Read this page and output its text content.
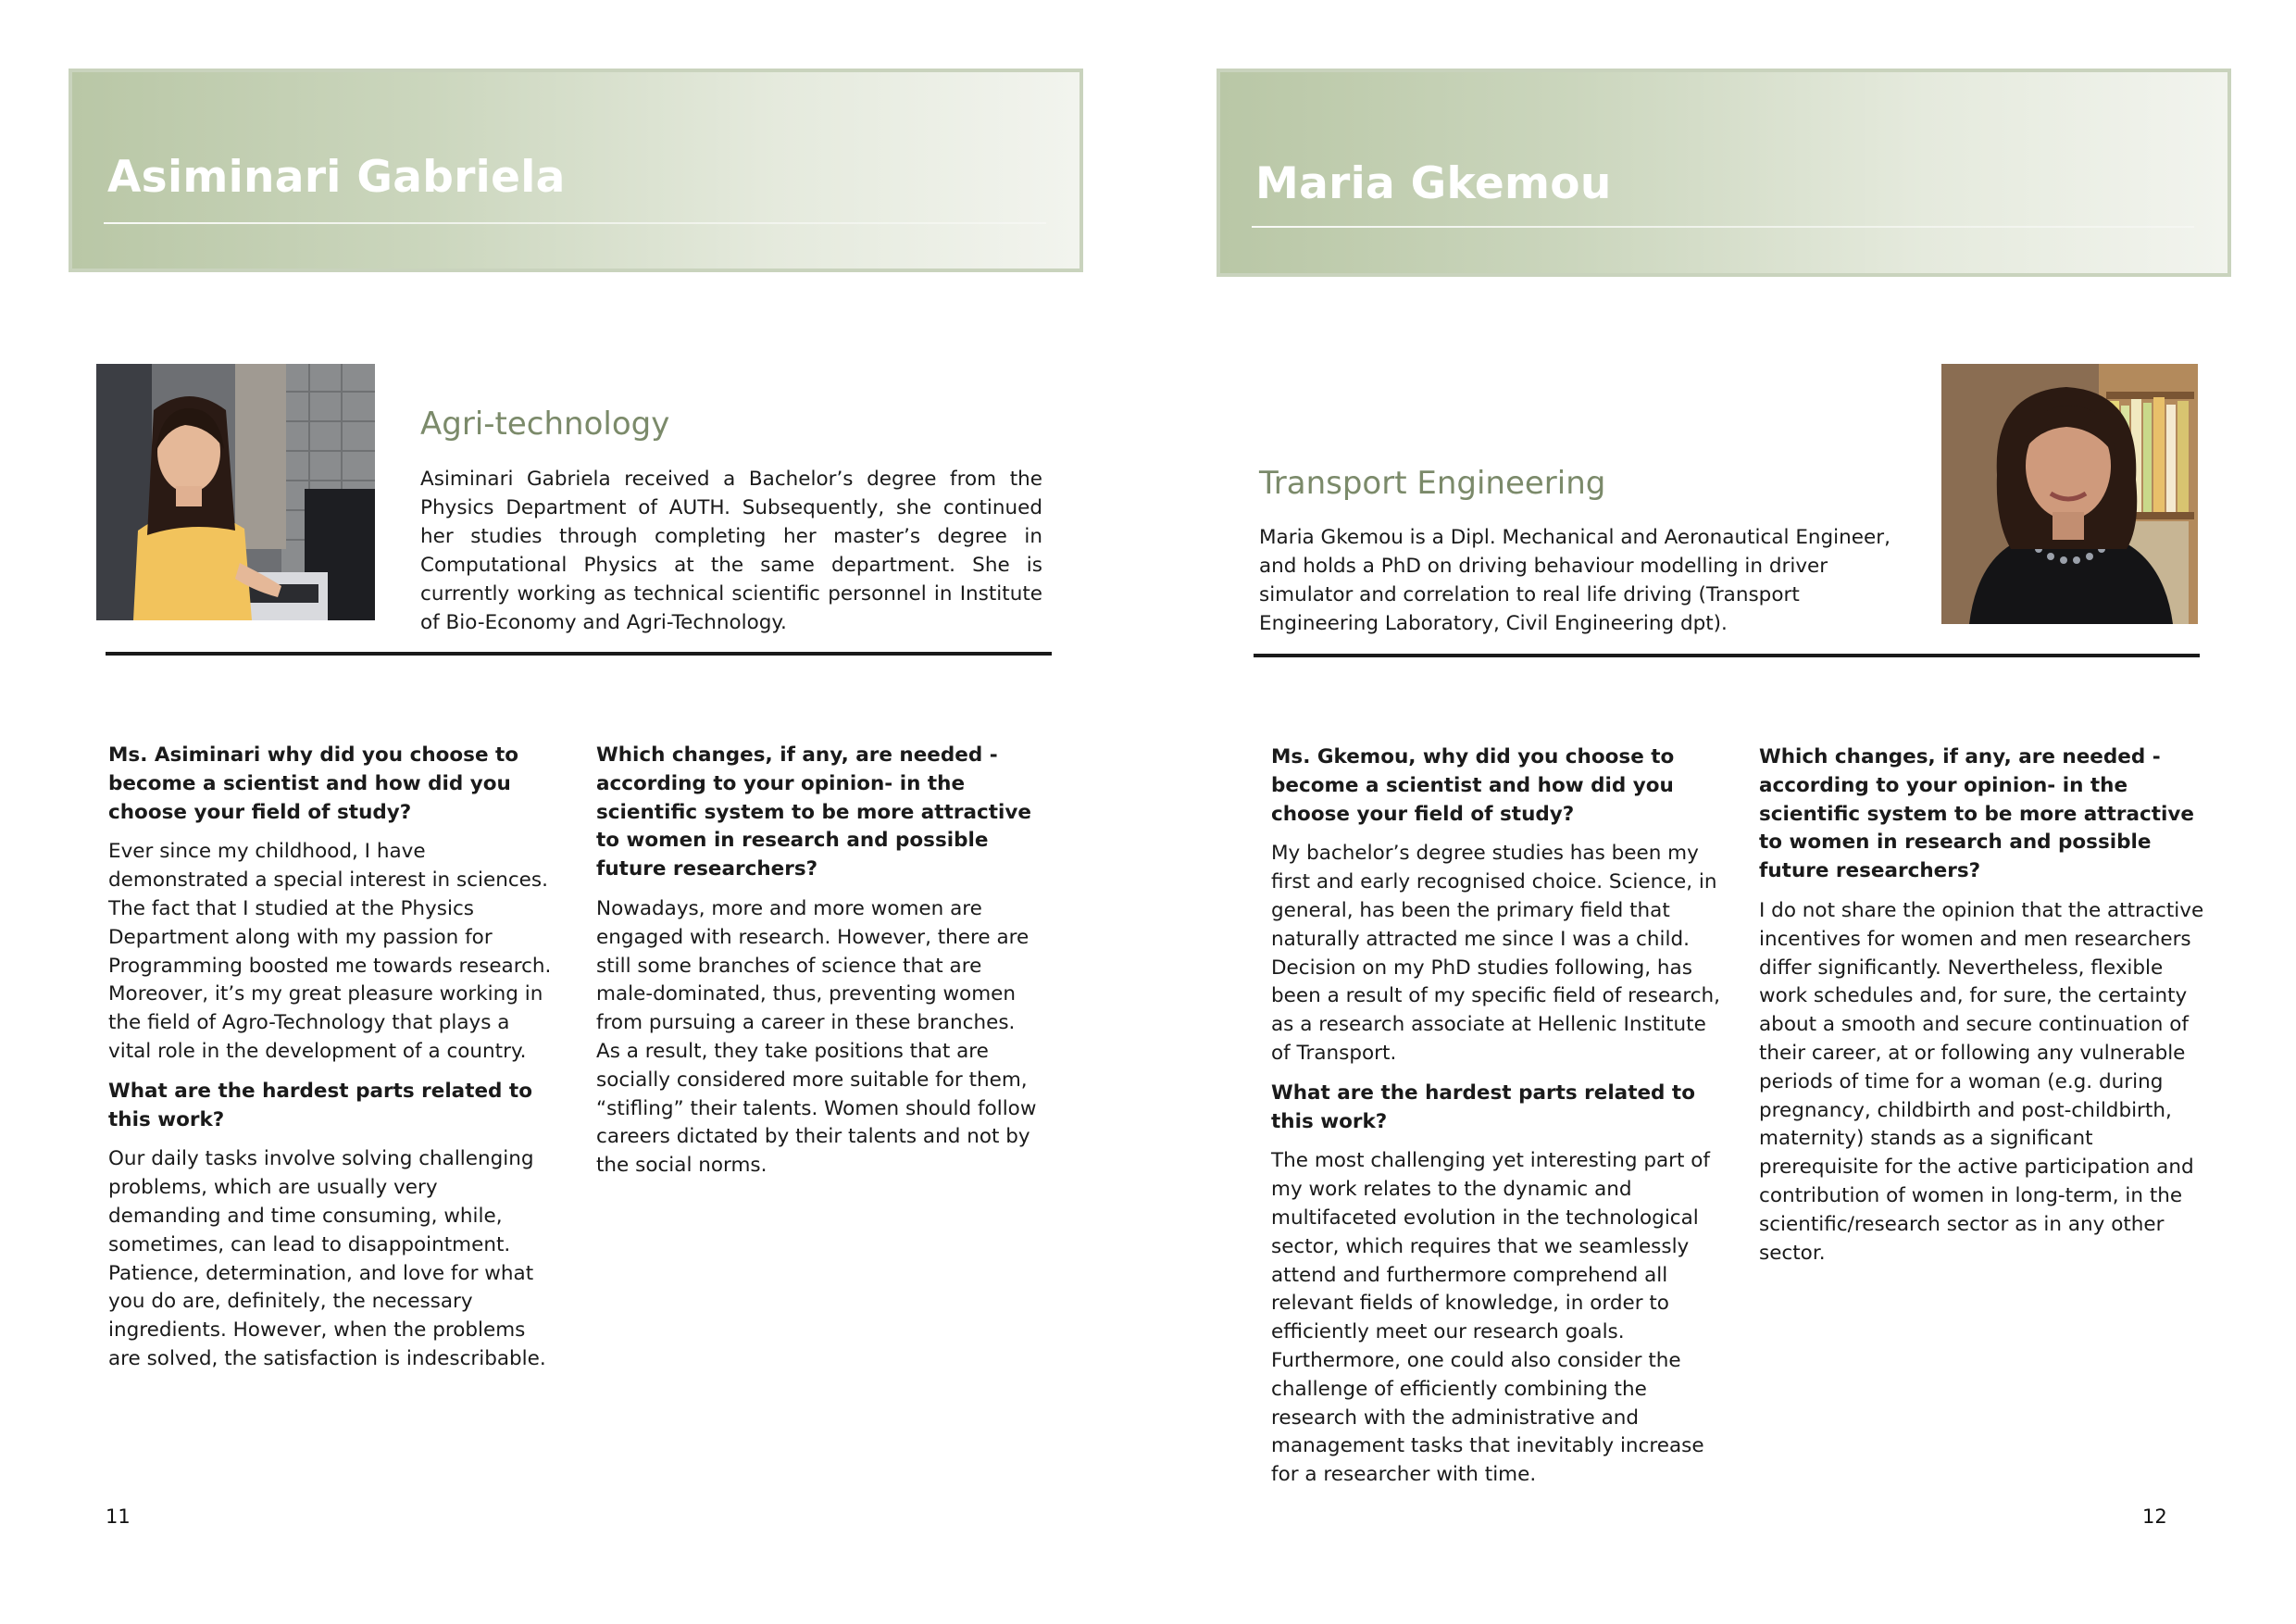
Asiminari Gabriela
Agri-technology

Asiminari Gabriela received a Bachelor’s degree from the Physics Department of AUTH. Subsequently, she continued her studies through completing her master’s degree in Computational Physics at the same department. She is currently working as technical scientific personnel in Institute of Bio-Economy and Agri-Technology.

Ms. Asiminari why did you choose to become a scientist and how did you choose your field of study?

Ever since my childhood, I have demonstrated a special interest in sciences. The fact that I studied at the Physics Department along with my passion for Programming boosted me towards research. Moreover, it’s my great pleasure working in the field of Agro-Technology that plays a vital role in the development of a country.

What are the hardest parts related to this work?

Our daily tasks involve solving challenging problems, which are usually very demanding and time consuming, while, sometimes, can lead to disappointment. Patience, determination, and love for what you do are, definitely, the necessary ingredients. However, when the problems are solved, the satisfaction is indescribable.

Which changes, if any, are needed -according to your opinion- in the scientific system to be more attractive to women in research and possible future researchers?

Nowadays, more and more women are engaged with research. However, there are still some branches of science that are male-dominated, thus, preventing women from pursuing a career in these branches. As a result, they take positions that are socially considered more suitable for them, “stifling” their talents. Women should follow careers dictated by their talents and not by the social norms.

11
Maria Gkemou
Transport Engineering

Maria Gkemou is a Dipl. Mechanical and Aeronautical Engineer, and holds a PhD on driving behaviour modelling in driver simulator and correlation to real life driving (Transport Engineering Laboratory, Civil Engineering dpt).

Ms. Gkemou, why did you choose to become a scientist and how did you choose your field of study?

My bachelor’s degree studies has been my first and early recognised choice. Science, in general, has been the primary field that naturally attracted me since I was a child. Decision on my PhD studies following, has been a result of my specific field of research, as a research associate at Hellenic Institute of Transport.

What are the hardest parts related to this work?

The most challenging yet interesting part of my work relates to the dynamic and multifaceted evolution in the technological sector, which requires that we seamlessly attend and furthermore comprehend all relevant fields of knowledge, in order to efficiently meet our research goals. Furthermore, one could also consider the challenge of efficiently combining the research with the administrative and management tasks that inevitably increase for a researcher with time.

Which changes, if any, are needed -according to your opinion- in the scientific system to be more attractive to women in research and possible future researchers?

I do not share the opinion that the attractive incentives for women and men researchers differ significantly. Nevertheless, flexible work schedules and, for sure, the certainty about a smooth and secure continuation of their career, at or following any vulnerable periods of time for a woman (e.g. during pregnancy, childbirth and post-childbirth, maternity) stands as a significant prerequisite for the active participation and contribution of women in long-term, in the scientific/research sector as in any other sector.

12
